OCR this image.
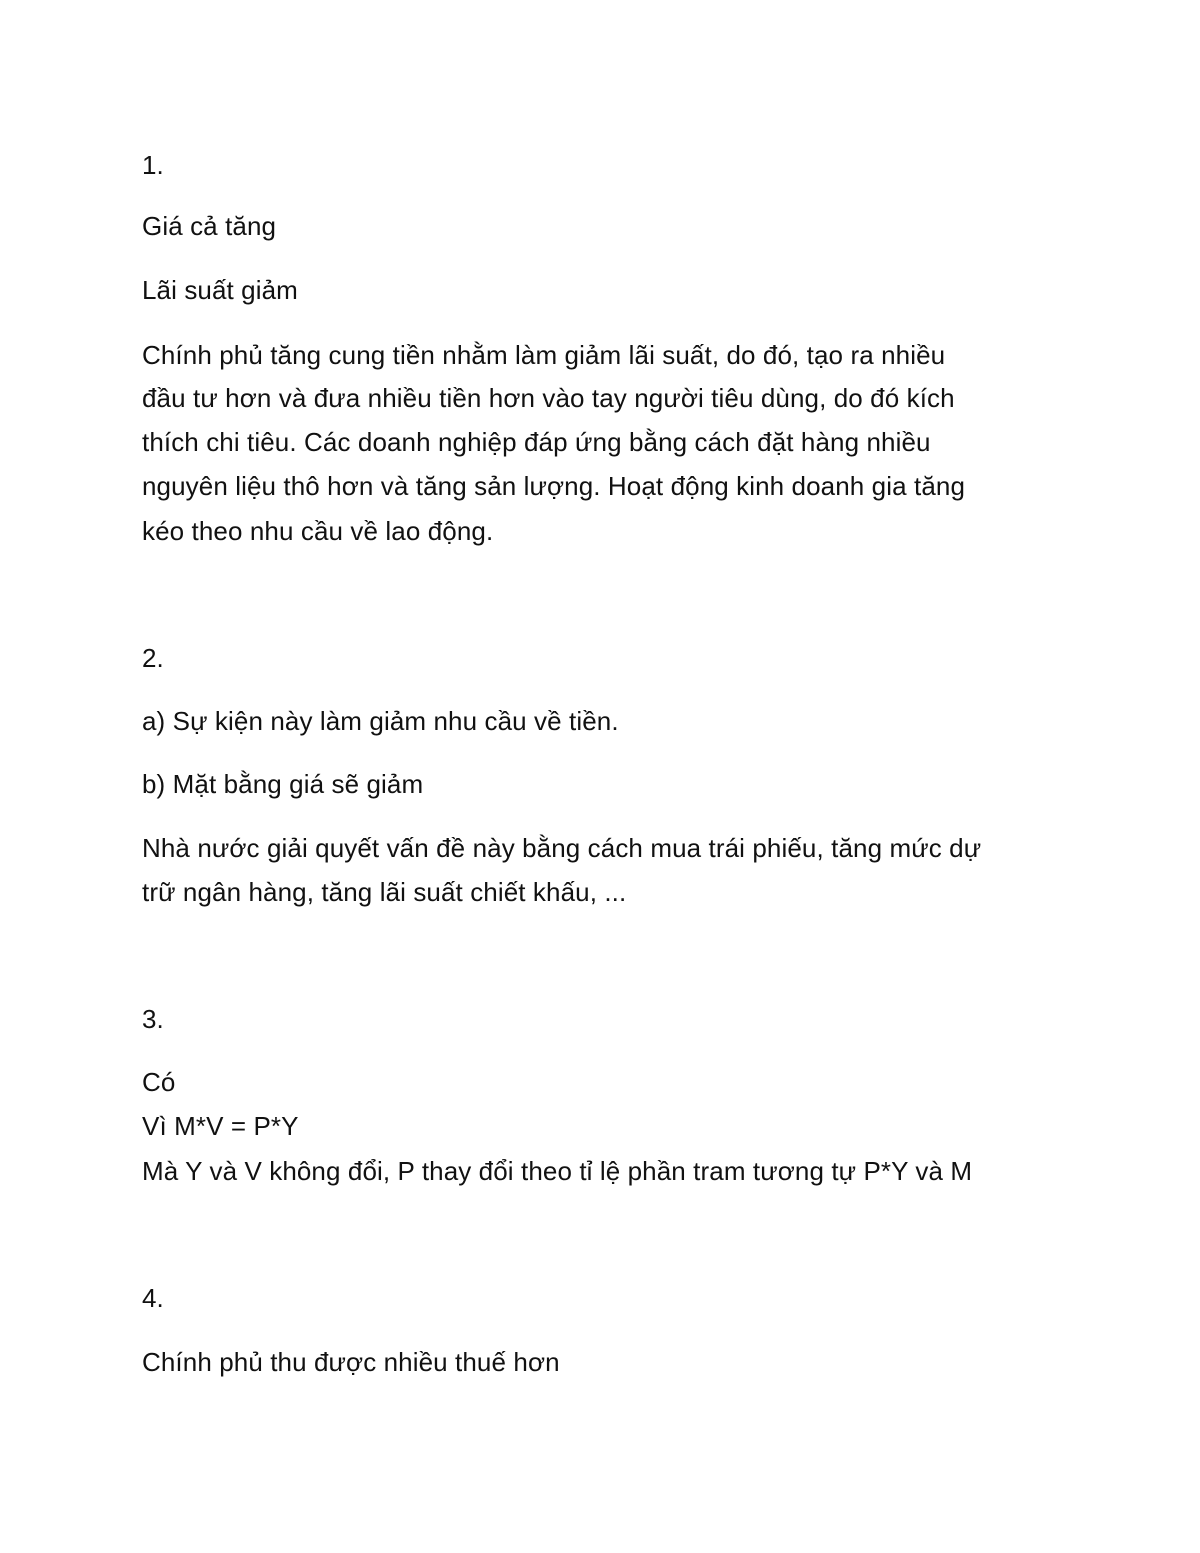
1.
Giá cả tăng
Lãi suất giảm
Chính phủ tăng cung tiền nhằm làm giảm lãi suất, do đó, tạo ra nhiều
đầu tư hơn và đưa nhiều tiền hơn vào tay người tiêu dùng, do đó kích
thích chi tiêu. Các doanh nghiệp đáp ứng bằng cách đặt hàng nhiều
nguyên liệu thô hơn và tăng sản lượng. Hoạt động kinh doanh gia tăng
kéo theo nhu cầu về lao động.
2.
a) Sự kiện này làm giảm nhu cầu về tiền.
b) Mặt bằng giá sẽ giảm
Nhà nước giải quyết vấn đề này bằng cách mua trái phiếu, tăng mức dự
trữ ngân hàng, tăng lãi suất chiết khấu, ...
3.
Có
Vì M*V = P*Y
Mà Y và V không đổi, P thay đổi theo tỉ lệ phần tram tương tự P*Y và M
4.
Chính phủ thu được nhiều thuế hơn
